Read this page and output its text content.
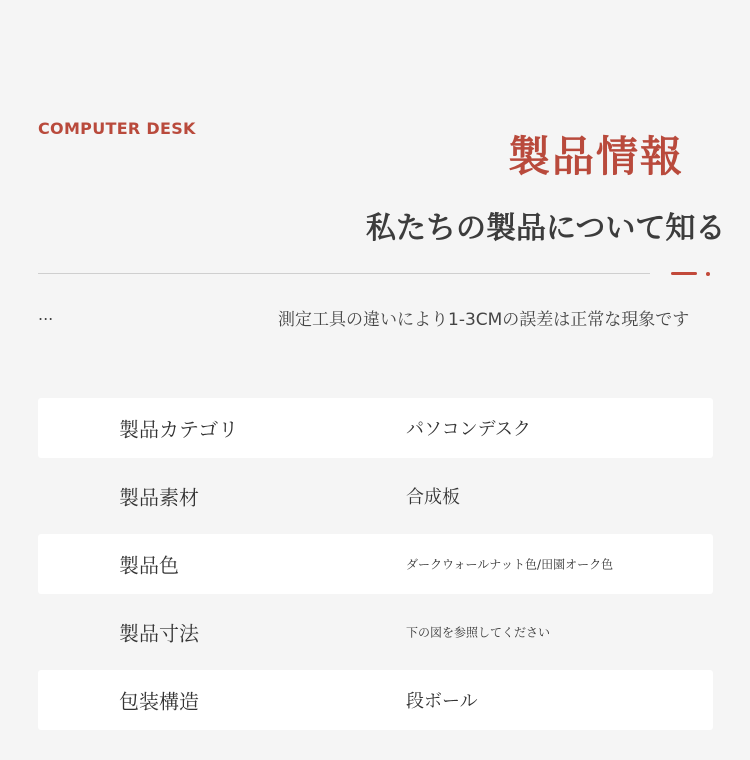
COMPUTER DESK
製品情報
私たちの製品について知る
...	測定工具の違いにより1-3CMの誤差は正常な現象です
製品カテゴリ	パソコンデスク
製品素材	合成板
製品色	ダークウォールナット色/田園オーク色
製品寸法	下の図を参照してください
包装構造	段ボール
